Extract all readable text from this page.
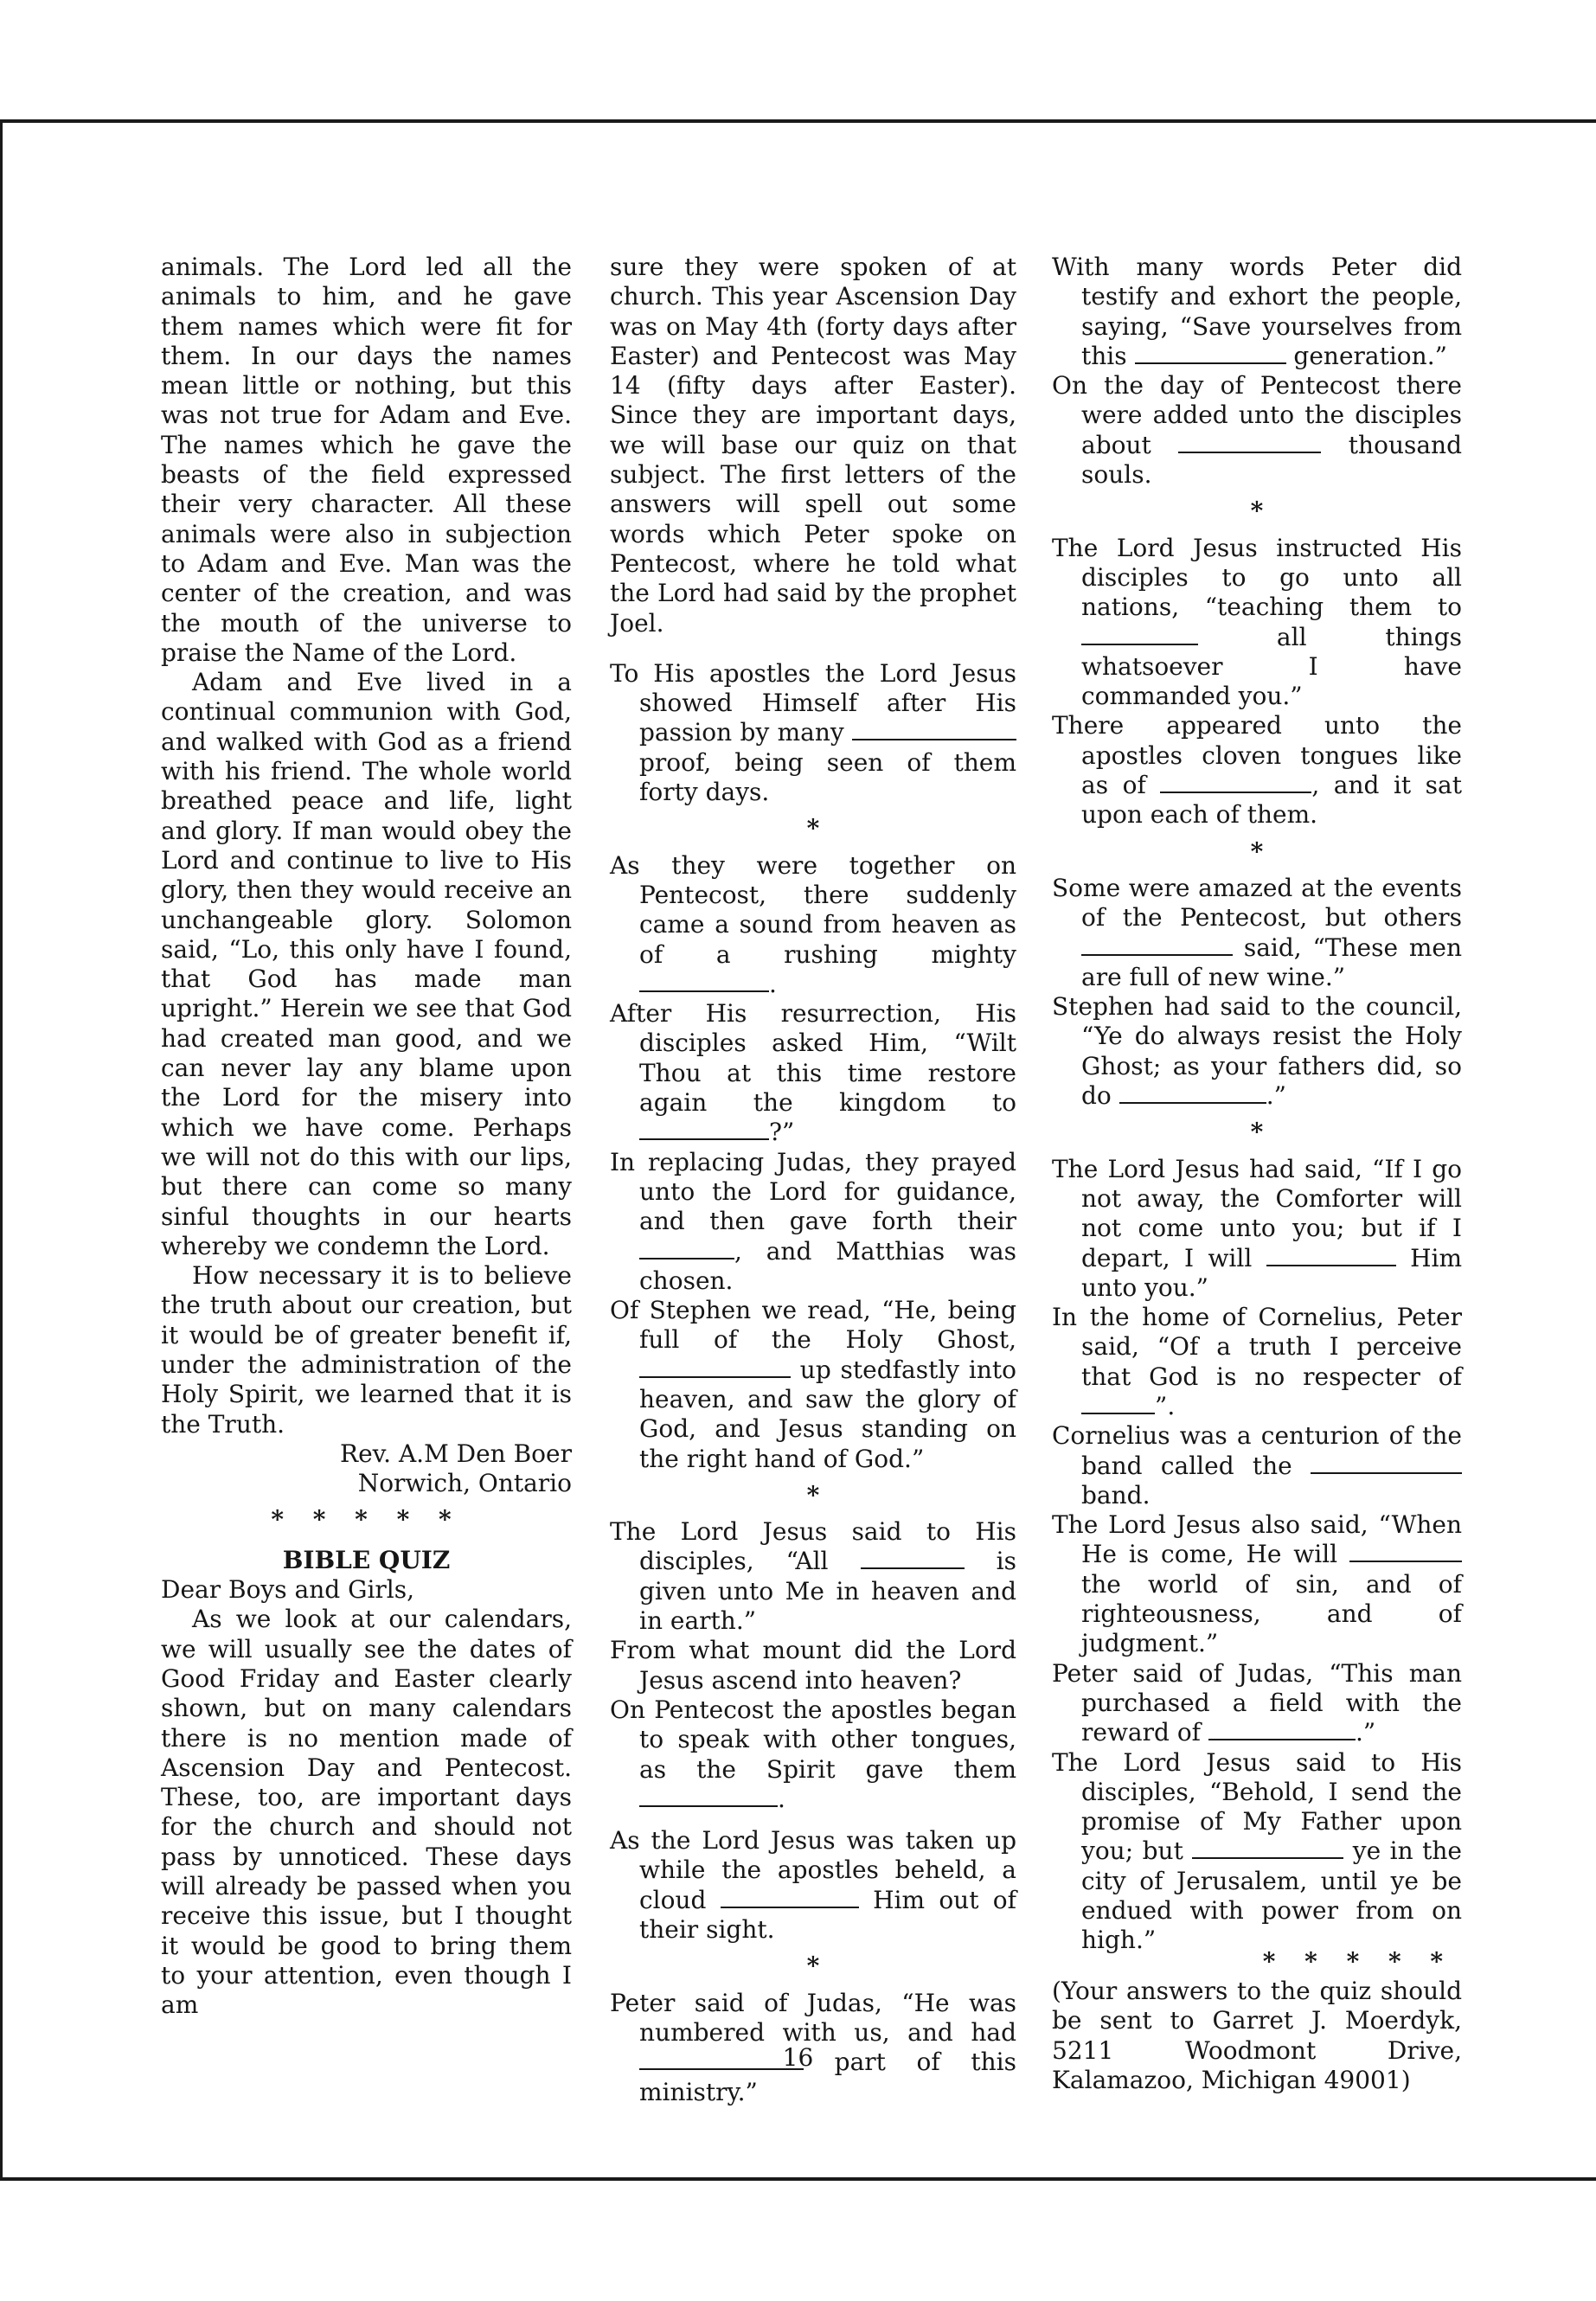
animals. The Lord led all the animals to him, and he gave them names which were fit for them. In our days the names mean little or nothing, but this was not true for Adam and Eve. The names which he gave the beasts of the field expressed their very character. All these animals were also in subjection to Adam and Eve. Man was the center of the creation, and was the mouth of the universe to praise the Name of the Lord.

Adam and Eve lived in a continual communion with God, and walked with God as a friend with his friend. The whole world breathed peace and life, light and glory. If man would obey the Lord and continue to live to His glory, then they would receive an unchangeable glory. Solomon said, “Lo, this only have I found, that God has made man upright.” Herein we see that God had created man good, and we can never lay any blame upon the Lord for the misery into which we have come. Perhaps we will not do this with our lips, but there can come so many sinful thoughts in our hearts whereby we condemn the Lord.

How necessary it is to believe the truth about our creation, but it would be of greater benefit if, under the administration of the Holy Spirit, we learned that it is the Truth.

Rev. A.M Den Boer

Norwich, Ontario

* * * * *

BIBLE QUIZ

Dear Boys and Girls,

As we look at our calendars, we will usually see the dates of Good Friday and Easter clearly shown, but on many calendars there is no mention made of Ascension Day and Pentecost. These, too, are important days for the church and should not pass by unnoticed. These days will already be passed when you receive this issue, but I thought it would be good to bring them to your attention, even though I am

sure they were spoken of at church. This year Ascension Day was on May 4th (forty days after Easter) and Pentecost was May 14 (fifty days after Easter). Since they are important days, we will base our quiz on that subject. The first letters of the answers will spell out some words which Peter spoke on Pentecost, where he told what the Lord had said by the prophet Joel.

To His apostles the Lord Jesus showed Himself after His passion by many  proof, being seen of them forty days.

*

As they were together on Pentecost, there suddenly came a sound from heaven as of a rushing mighty .

After His resurrection, His disciples asked Him, “Wilt Thou at this time restore again the kingdom to ?”

In replacing Judas, they prayed unto the Lord for guidance, and then gave forth their , and Matthias was chosen.

Of Stephen we read, “He, being full of the Holy Ghost,  up stedfastly into heaven, and saw the glory of God, and Jesus standing on the right hand of God.”

*

The Lord Jesus said to His disciples, “All	is given unto Me in heaven and in earth.”

From what mount did the Lord Jesus ascend into heaven?

On Pentecost the apostles began to speak with other tongues, as the Spirit gave them .

As the Lord Jesus was taken up while the apostles beheld, a cloud	Him out of their sight.

*

Peter said of Judas, “He was numbered with us, and had  part of this ministry.”

With many words Peter did testify and exhort the people, saying, “Save yourselves from this	generation.”

On the day of Pentecost there were added unto the disciples about	thousand souls.

*

The Lord Jesus instructed His disciples to go unto all nations, “teaching them to  all things whatsoever I have commanded you.”

There appeared unto the apostles cloven tongues like as of	, and it sat upon each of them.

*

Some were amazed at the events of the Pentecost, but others  said, “These men are full of new wine.”

Stephen had said to the council, “Ye do always resist the Holy Ghost; as your fathers did, so do	.”

*

The Lord Jesus had said, “If I go not away, the Comforter will not come unto you; but if I depart, I will	Him unto you.”

In the home of Cornelius, Peter said, “Of a truth I perceive that God is no respecter of ”.

Cornelius was a centurion of the band called the  band.

The Lord Jesus also said, “When He is come, He will  the world of sin, and of righteousness, and of judgment.”

Peter said of Judas, “This man purchased a field with the reward of	.”

The Lord Jesus said to His disciples, “Behold, I send the promise of My Father upon you; but	ye in the city of Jerusalem, until ye be endued with power from on high.”

* * * * *

(Your answers to the quiz should be sent to Garret J. Moerdyk, 5211 Woodmont Drive, Kalamazoo, Michigan 49001)

16
